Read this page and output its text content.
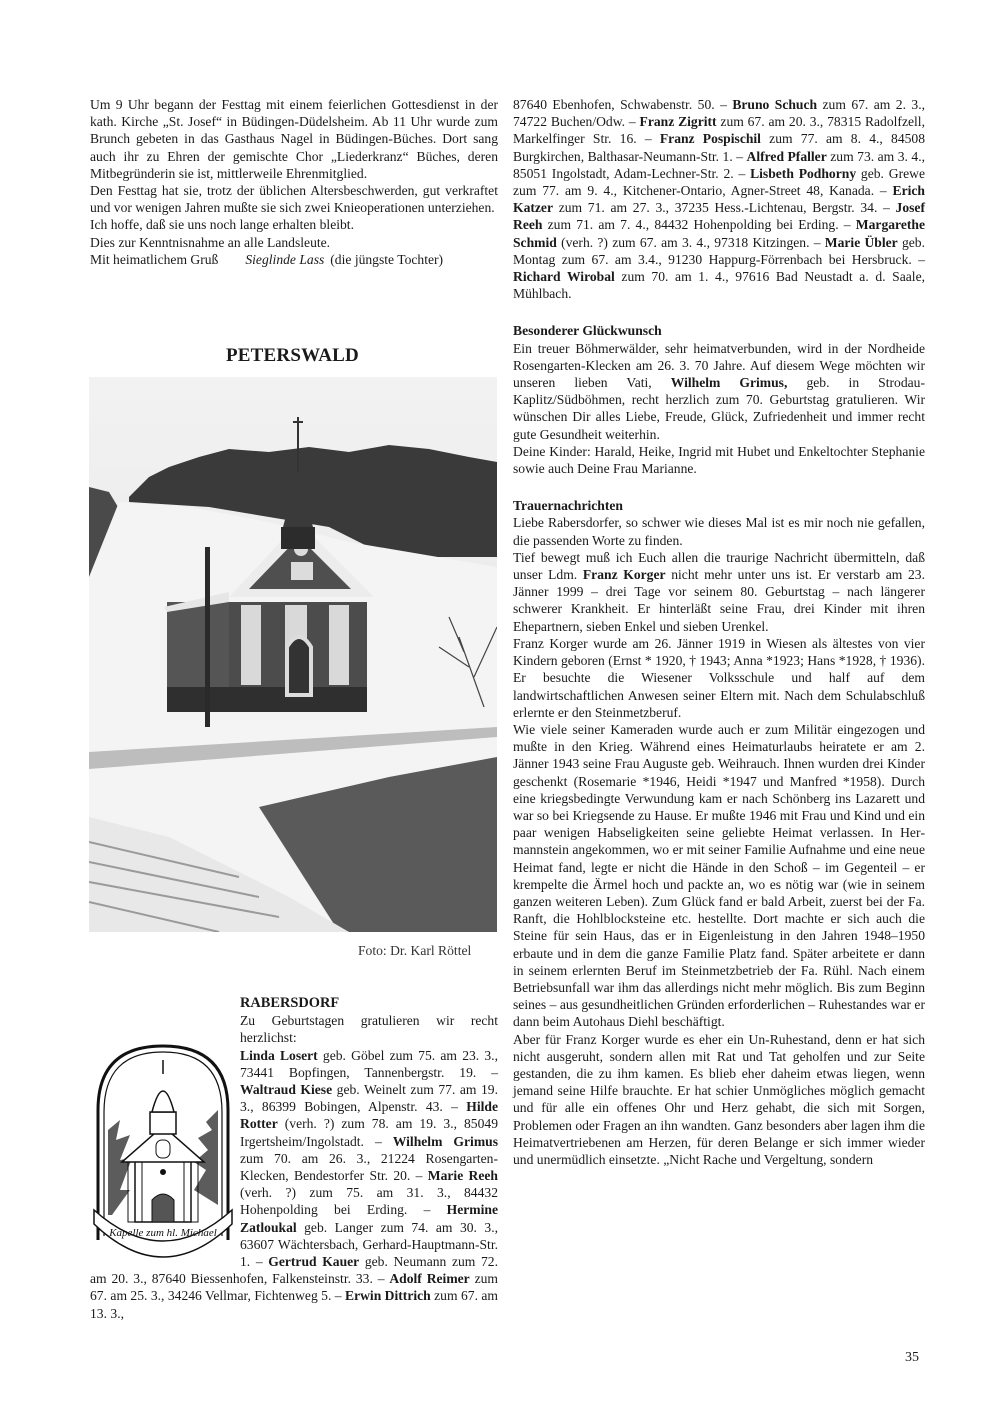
Um 9 Uhr begann der Festtag mit einem feierlichen Gottesdienst in der kath. Kirche „St. Josef“ in Büdingen-Düdelsheim. Ab 11 Uhr wurde zum Brunch gebeten in das Gasthaus Nagel in Büdingen-Büches. Dort sang auch ihr zu Ehren der gemischte Chor „Liederkranz“ Büches, deren Mitbegründerin sie ist, mittlerweile Ehrenmitglied.

Den Festtag hat sie, trotz der üblichen Altersbeschwerden, gut verkraftet und vor wenigen Jahren mußte sie sich zwei Knieoperationen unterziehen.

Ich hoffe, daß sie uns noch lange erhalten bleibt.

Dies zur Kenntnisnahme an alle Landsleute.

Mit heimatlichem Gruß Sieglinde Lass (die jüngste Tochter)

PETERSWALD
Foto: Dr. Karl Röttel
RABERSDORF
Kapelle zum hl. Michael
Zu Geburtstagen gratulieren wir recht herzlichst:
Linda Losert geb. Göbel zum 75. am 23. 3., 73441 Bopfingen, Tannenbergstr. 19. – Waltraud Kiese geb. Weinelt zum 77. am 19. 3., 86399 Bobingen, Alpenstr. 43. – Hilde Rotter (verh. ?) zum 78. am 19. 3., 85049 Irgertsheim/Ingolstadt. – Wilhelm Grimus zum 70. am 26. 3., 21224 Rosengarten-Klecken, Bendestorfer Str. 20. – Marie Reeh (verh. ?) zum 75. am 31. 3., 84432 Hohenpolding bei Erding. – Hermine Zatloukal geb. Langer zum 74. am 30. 3., 63607 Wächtersbach, Gerhard-Hauptmann-Str. 1. – Gertrud Kauer geb. Neumann zum 72. am 20. 3., 87640 Biessenhofen, Falkensteinstr. 33. – Adolf Reimer zum 67. am 25. 3., 34246 Vellmar, Fichtenweg 5. – Erwin Dittrich zum 67. am 13. 3.,

87640 Ebenhofen, Schwabenstr. 50. – Bruno Schuch zum 67. am 2. 3., 74722 Buchen/Odw. – Franz Zigritt zum 67. am 20. 3., 78315 Radolfzell, Markelfinger Str. 16. – Franz Pospischil zum 77. am 8. 4., 84508 Burgkirchen, Balthasar-Neumann-Str. 1. – Alfred Pfaller zum 73. am 3. 4., 85051 Ingolstadt, Adam-Lechner-Str. 2. – Lisbeth Podhorny geb. Grewe zum 77. am 9. 4., Kitchener-Ontario, Agner-Street 48, Kanada. – Erich Katzer zum 71. am 27. 3., 37235 Hess.-Lichtenau, Bergstr. 34. – Josef Reeh zum 71. am 7. 4., 84432 Hohenpolding bei Erding. – Margarethe Schmid (verh. ?) zum 67. am 3. 4., 97318 Kitzingen. – Marie Übler geb. Montag zum 67. am 3.4., 91230 Happurg-Förrenbach bei Hersbruck. – Richard Wirobal zum 70. am 1. 4., 97616 Bad Neustadt a. d. Saale, Mühlbach.

Besonderer Glückwunsch

Ein treuer Böhmerwälder, sehr heimatverbunden, wird in der Nordheide Rosengarten-Klecken am 26. 3. 70 Jahre. Auf diesem Wege möchten wir unseren lieben Vati, Wilhelm Grimus, geb. in Strodau-Kaplitz/Südböhmen, recht herzlich zum 70. Geburtstag gratulieren. Wir wünschen Dir alles Liebe, Freude, Glück, Zufriedenheit und immer recht gute Gesundheit weiterhin.

Deine Kinder: Harald, Heike, Ingrid mit Hubet und Enkeltochter Stephanie sowie auch Deine Frau Marianne.

Trauernachrichten

Liebe Rabersdorfer, so schwer wie dieses Mal ist es mir noch nie gefallen, die passenden Worte zu finden.

Tief bewegt muß ich Euch allen die traurige Nachricht übermitteln, daß unser Ldm. Franz Korger nicht mehr unter uns ist. Er verstarb am 23. Jänner 1999 – drei Tage vor seinem 80. Geburtstag – nach längerer schwerer Krankheit. Er hinterläßt seine Frau, drei Kinder mit ihren Ehepartnern, sieben Enkel und sieben Urenkel.

Franz Korger wurde am 26. Jänner 1919 in Wiesen als ältestes von vier Kindern geboren (Ernst * 1920, † 1943; Anna *1923; Hans *1928, † 1936). Er besuchte die Wiesener Volksschule und half auf dem landwirtschaftlichen Anwesen seiner Eltern mit. Nach dem Schulabschluß erlernte er den Steinmetzberuf.

Wie viele seiner Kameraden wurde auch er zum Militär eingezogen und mußte in den Krieg. Während eines Heimaturlaubs heiratete er am 2. Jänner 1943 seine Frau Auguste geb. Weihrauch. Ihnen wurden drei Kinder geschenkt (Rosemarie *1946, Heidi *1947 und Manfred *1958). Durch eine kriegsbedingte Verwundung kam er nach Schönberg ins Lazarett und war so bei Kriegsende zu Hause. Er mußte 1946 mit Frau und Kind und ein paar wenigen Habseligkeiten seine geliebte Heimat verlassen. In Hermannstein angekommen, wo er mit seiner Familie Aufnahme und eine neue Heimat fand, legte er nicht die Hände in den Schoß – im Gegenteil – er krempelte die Ärmel hoch und packte an, wo es nötig war (wie in seinem ganzen weiteren Leben). Zum Glück fand er bald Arbeit, zuerst bei der Fa. Ranft, die Hohlblocksteine etc. hestellte. Dort machte er sich auch die Steine für sein Haus, das er in Eigenleistung in den Jahren 1948–1950 erbaute und in dem die ganze Familie Platz fand. Später arbeitete er dann in seinem erlernten Beruf im Steinmetzbetrieb der Fa. Rühl. Nach einem Betriebsunfall war ihm das allerdings nicht mehr möglich. Bis zum Beginn seines – aus gesundheitlichen Gründen erforderlichen – Ruhestandes war er dann beim Autohaus Diehl beschäftigt.

Aber für Franz Korger wurde es eher ein Un-Ruhestand, denn er hat sich nicht ausgeruht, sondern allen mit Rat und Tat geholfen und zur Seite gestanden, die zu ihm kamen. Es blieb eher daheim etwas liegen, wenn jemand seine Hilfe brauchte. Er hat schier Unmögliches möglich gemacht und für alle ein offenes Ohr und Herz gehabt, die sich mit Sorgen, Problemen oder Fragen an ihn wandten. Ganz besonders aber lagen ihm die Heimatvertriebenen am Herzen, für deren Belange er sich immer wieder und unermüdlich einsetzte. „Nicht Rache und Vergeltung, sondern

35
